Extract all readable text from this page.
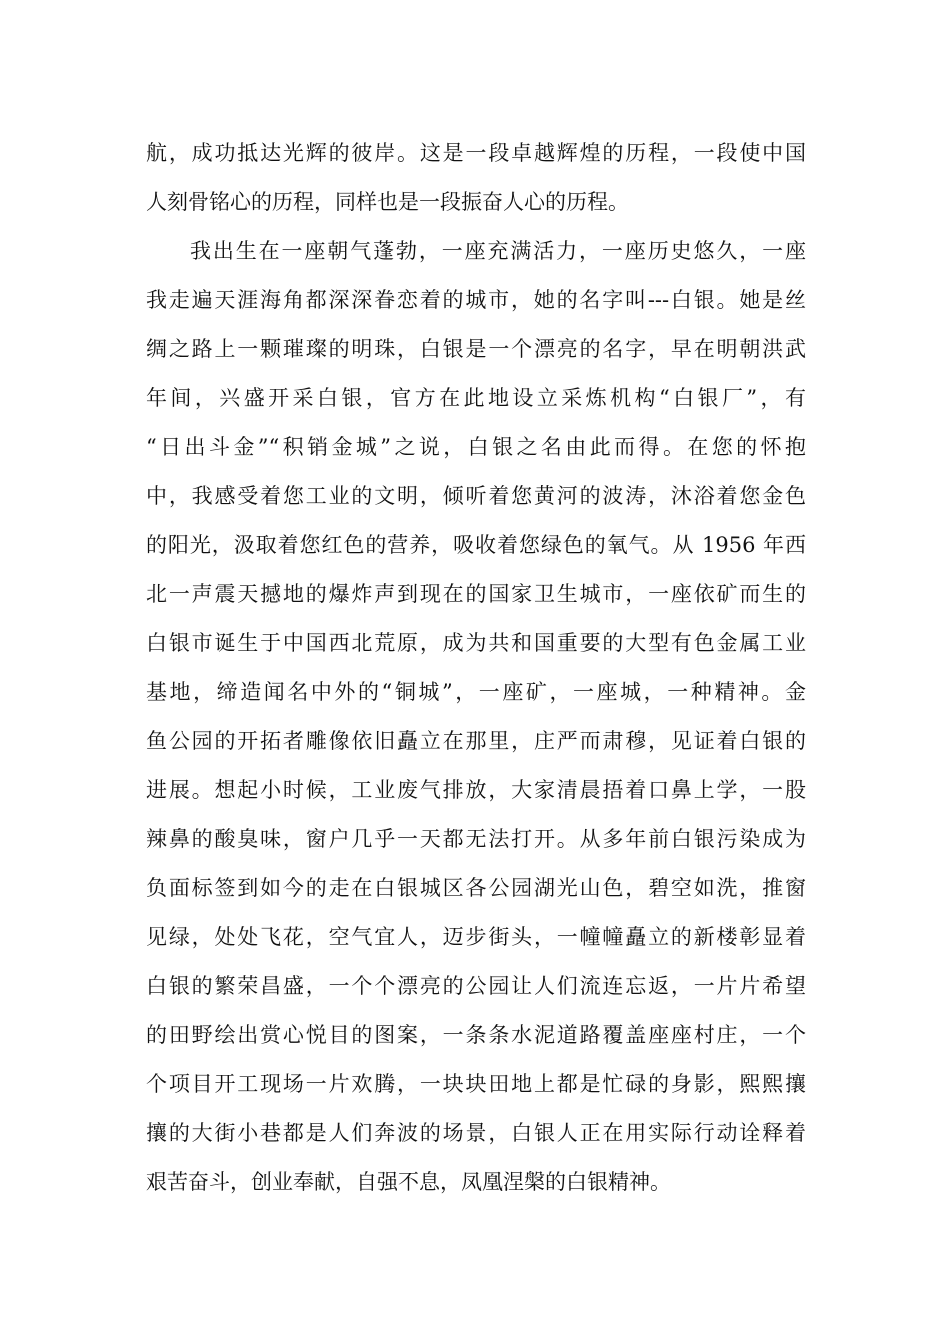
航，成功抵达光辉的彼岸。这是一段卓越辉煌的历程，一段使中国
人刻骨铭心的历程，同样也是一段振奋人心的历程。
我出生在一座朝气蓬勃，一座充满活力，一座历史悠久，一座
我走遍天涯海角都深深眷恋着的城市，她的名字叫---白银。她是丝
绸之路上一颗璀璨的明珠，白银是一个漂亮的名字，早在明朝洪武
年间，兴盛开采白银，官方在此地设立采炼机构“白银厂”，有
“日出斗金”“积销金城”之说，白银之名由此而得。在您的怀抱
中，我感受着您工业的文明，倾听着您黄河的波涛，沐浴着您金色
的阳光，汲取着您红色的营养，吸收着您绿色的氧气。从 1956 年西
北一声震天撼地的爆炸声到现在的国家卫生城市，一座依矿而生的
白银市诞生于中国西北荒原，成为共和国重要的大型有色金属工业
基地，缔造闻名中外的“铜城”，一座矿，一座城，一种精神。金
鱼公园的开拓者雕像依旧矗立在那里，庄严而肃穆，见证着白银的
进展。想起小时候，工业废气排放，大家清晨捂着口鼻上学，一股
辣鼻的酸臭味，窗户几乎一天都无法打开。从多年前白银污染成为
负面标签到如今的走在白银城区各公园湖光山色，碧空如洗，推窗
见绿，处处飞花，空气宜人，迈步街头，一幢幢矗立的新楼彰显着
白银的繁荣昌盛，一个个漂亮的公园让人们流连忘返，一片片希望
的田野绘出赏心悦目的图案，一条条水泥道路覆盖座座村庄，一个
个项目开工现场一片欢腾，一块块田地上都是忙碌的身影，熙熙攘
攘的大街小巷都是人们奔波的场景，白银人正在用实际行动诠释着
艰苦奋斗，创业奉献，自强不息，凤凰涅槃的白银精神。
